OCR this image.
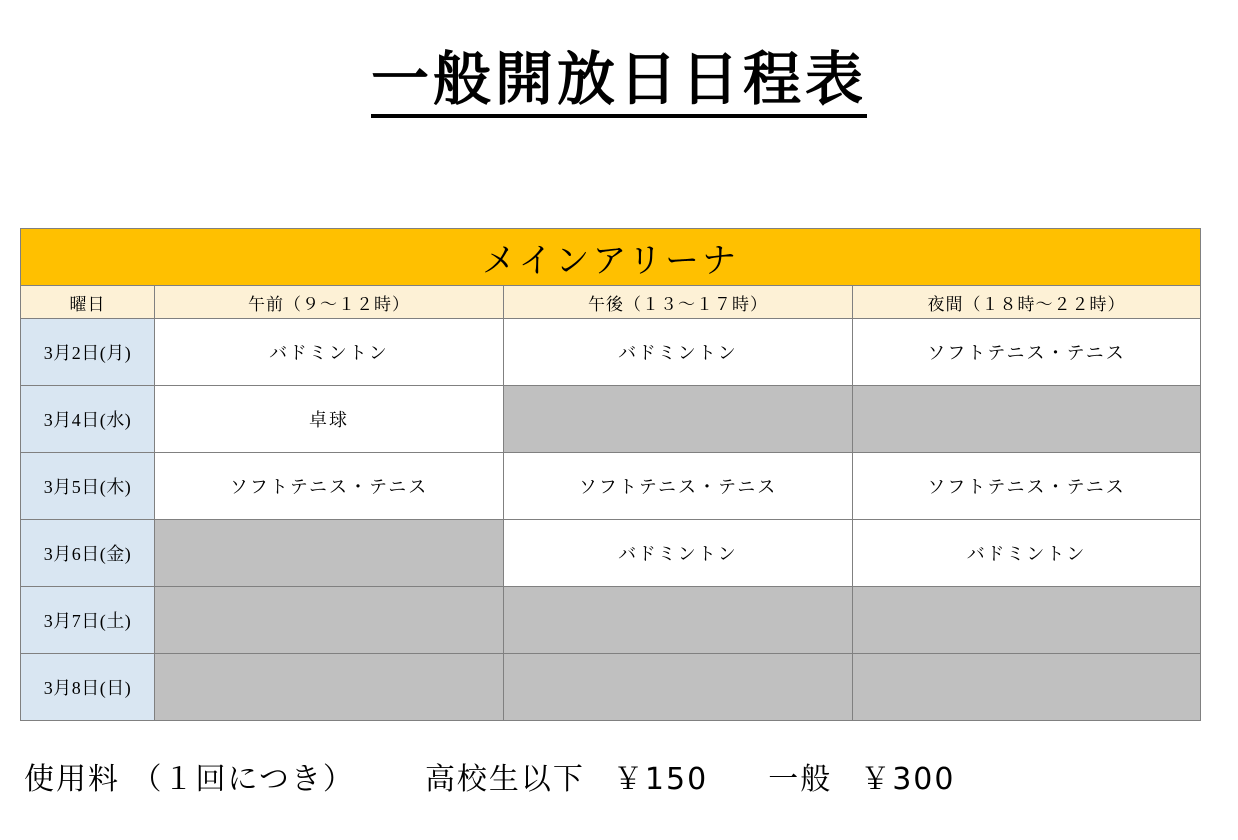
一般開放日日程表
メインアリーナ			
曜日	午前（９～１２時）	午後（１３～１７時）	夜間（１８時～２２時）
3月2日(月)	バドミントン	バドミントン	ソフトテニス・テニス
3月4日(水)	卓球		
3月5日(木)	ソフトテニス・テニス	ソフトテニス・テニス	ソフトテニス・テニス
3月6日(金)		バドミントン	バドミントン
3月7日(土)			
3月8日(日)			
使用料 （１回につき） 高校生以下 ￥150 一般 ￥300
